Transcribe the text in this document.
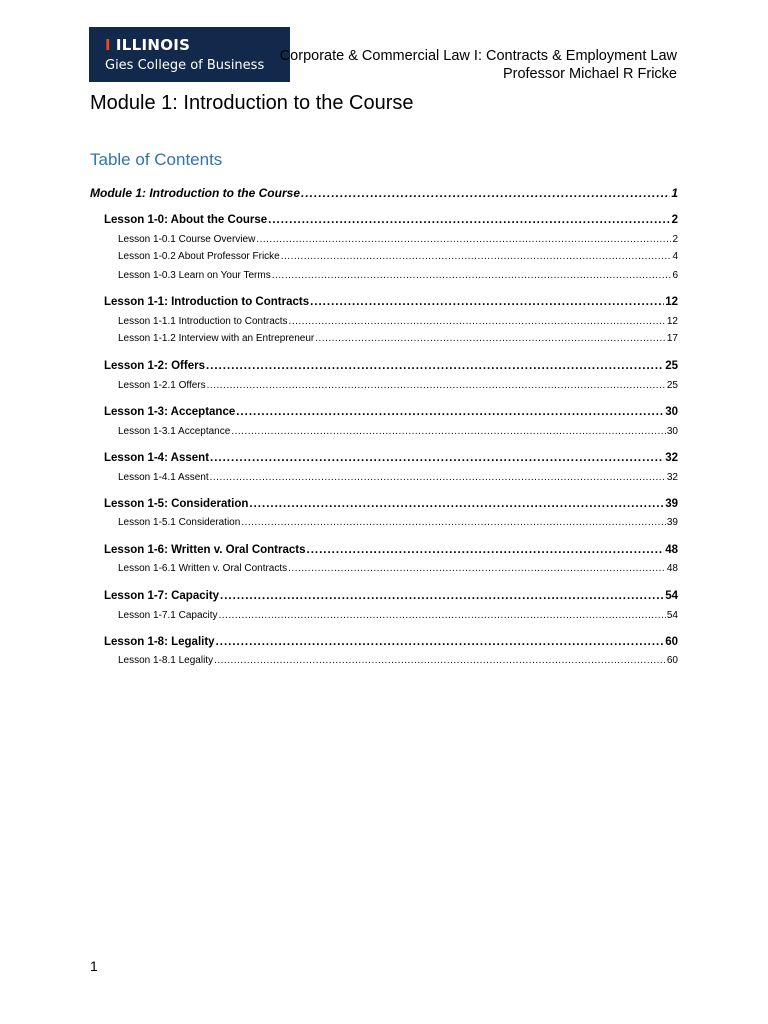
I ILLINOIS
Gies College of Business
Corporate & Commercial Law I: Contracts & Employment Law
Professor Michael R Fricke
Module 1: Introduction to the Course
Table of Contents
Module 1: Introduction to the Course .....	1
Lesson 1-0: About the Course .....	2
Lesson 1-0.1 Course Overview .....	2
Lesson 1-0.2 About Professor Fricke .....	4
Lesson 1-0.3 Learn on Your Terms .....	6
Lesson 1-1: Introduction to Contracts .....	12
Lesson 1-1.1 Introduction to Contracts .....	12
Lesson 1-1.2 Interview with an Entrepreneur .....	17
Lesson 1-2: Offers .....	25
Lesson 1-2.1 Offers .....	25
Lesson 1-3: Acceptance .....	30
Lesson 1-3.1 Acceptance .....	30
Lesson 1-4: Assent .....	32
Lesson 1-4.1 Assent .....	32
Lesson 1-5: Consideration .....	39
Lesson 1-5.1 Consideration .....	39
Lesson 1-6: Written v. Oral Contracts .....	48
Lesson 1-6.1 Written v. Oral Contracts .....	48
Lesson 1-7: Capacity .....	54
Lesson 1-7.1 Capacity .....	54
Lesson 1-8: Legality .....	60
Lesson 1-8.1 Legality .....	60
1
